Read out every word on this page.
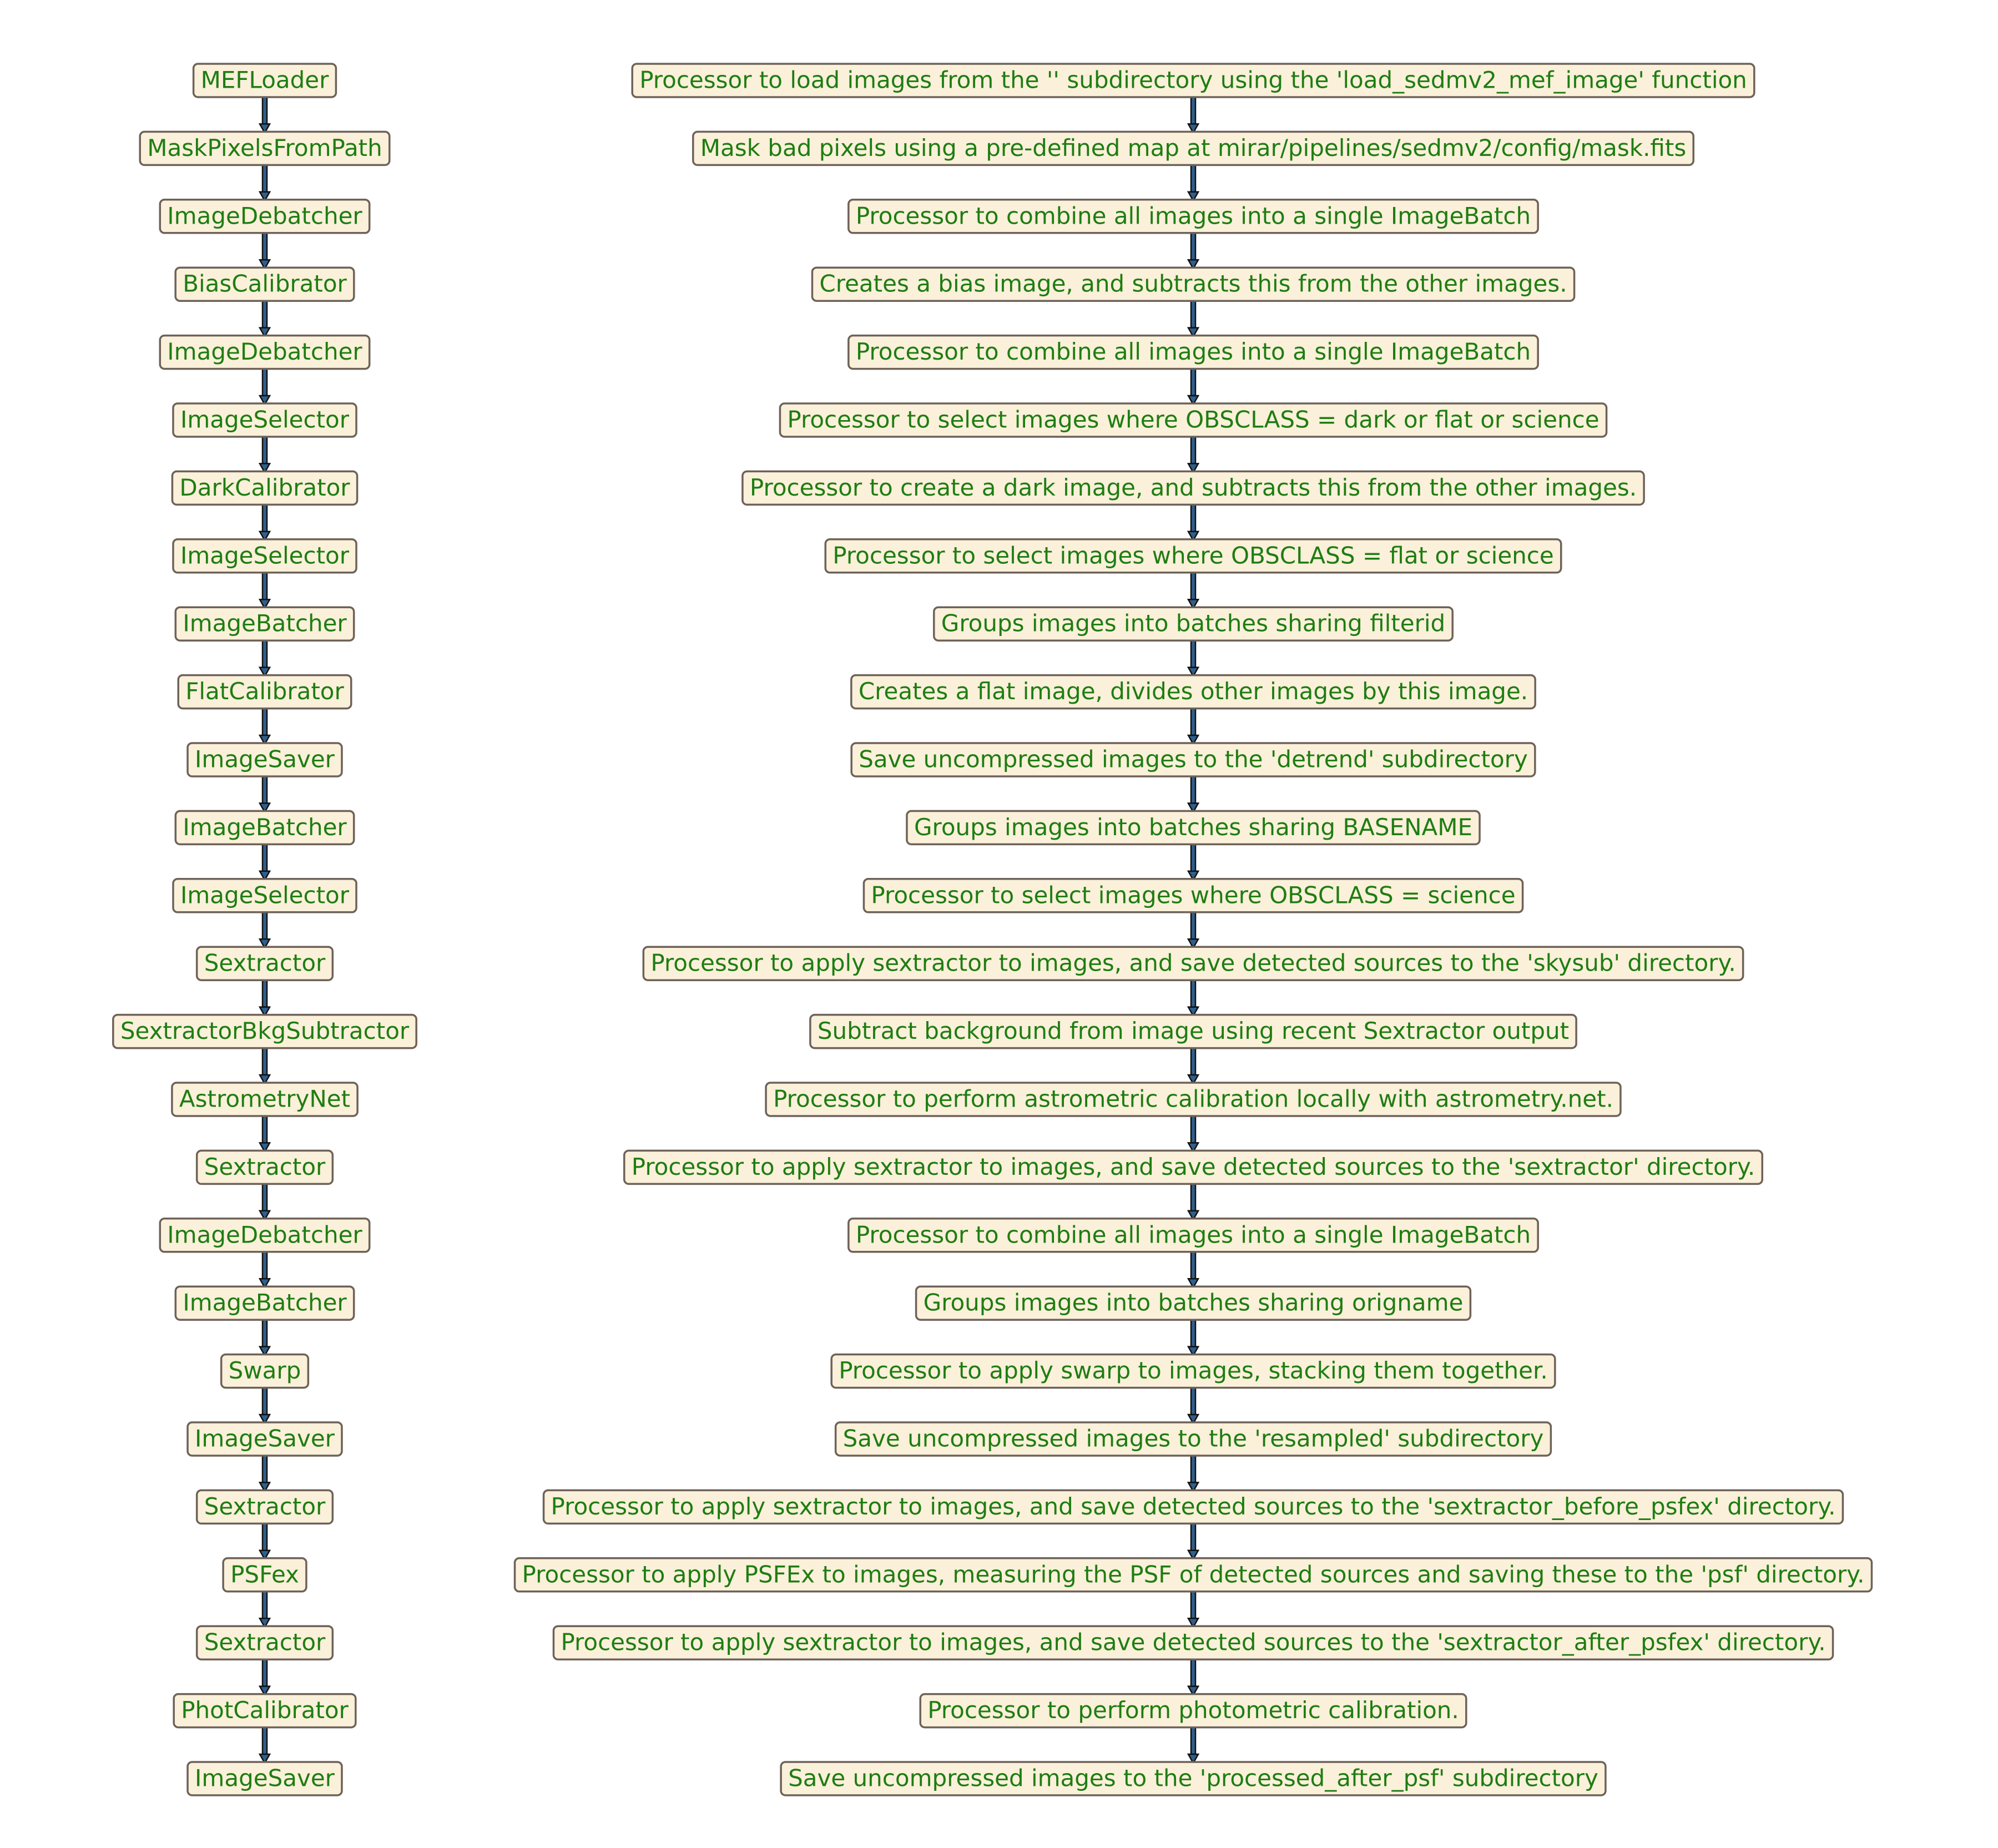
MEFLoader	Processor to load images from the '' subdirectory using the 'load_sedmv2_mef_image' function
MaskPixelsFromPath	Mask bad pixels using a pre-defined map at mirar/pipelines/sedmv2/config/mask.fits
ImageDebatcher	Processor to combine all images into a single ImageBatch
BiasCalibrator	Creates a bias image, and subtracts this from the other images.
ImageDebatcher	Processor to combine all images into a single ImageBatch
ImageSelector	Processor to select images where OBSCLASS = dark or flat or science
DarkCalibrator	Processor to create a dark image, and subtracts this from the other images.
ImageSelector	Processor to select images where OBSCLASS = flat or science
ImageBatcher	Groups images into batches sharing filterid
FlatCalibrator	Creates a flat image, divides other images by this image.
ImageSaver	Save uncompressed images to the 'detrend' subdirectory
ImageBatcher	Groups images into batches sharing BASENAME
ImageSelector	Processor to select images where OBSCLASS = science
Sextractor	Processor to apply sextractor to images, and save detected sources to the 'skysub' directory.
SextractorBkgSubtractor	Subtract background from image using recent Sextractor output
AstrometryNet	Processor to perform astrometric calibration locally with astrometry.net.
Sextractor	Processor to apply sextractor to images, and save detected sources to the 'sextractor' directory.
ImageDebatcher	Processor to combine all images into a single ImageBatch
ImageBatcher	Groups images into batches sharing origname
Swarp	Processor to apply swarp to images, stacking them together.
ImageSaver	Save uncompressed images to the 'resampled' subdirectory
Sextractor	Processor to apply sextractor to images, and save detected sources to the 'sextractor_before_psfex' directory.
PSFex	Processor to apply PSFEx to images, measuring the PSF of detected sources and saving these to the 'psf' directory.
Sextractor	Processor to apply sextractor to images, and save detected sources to the 'sextractor_after_psfex' directory.
PhotCalibrator	Processor to perform photometric calibration.
ImageSaver	Save uncompressed images to the 'processed_after_psf' subdirectory
